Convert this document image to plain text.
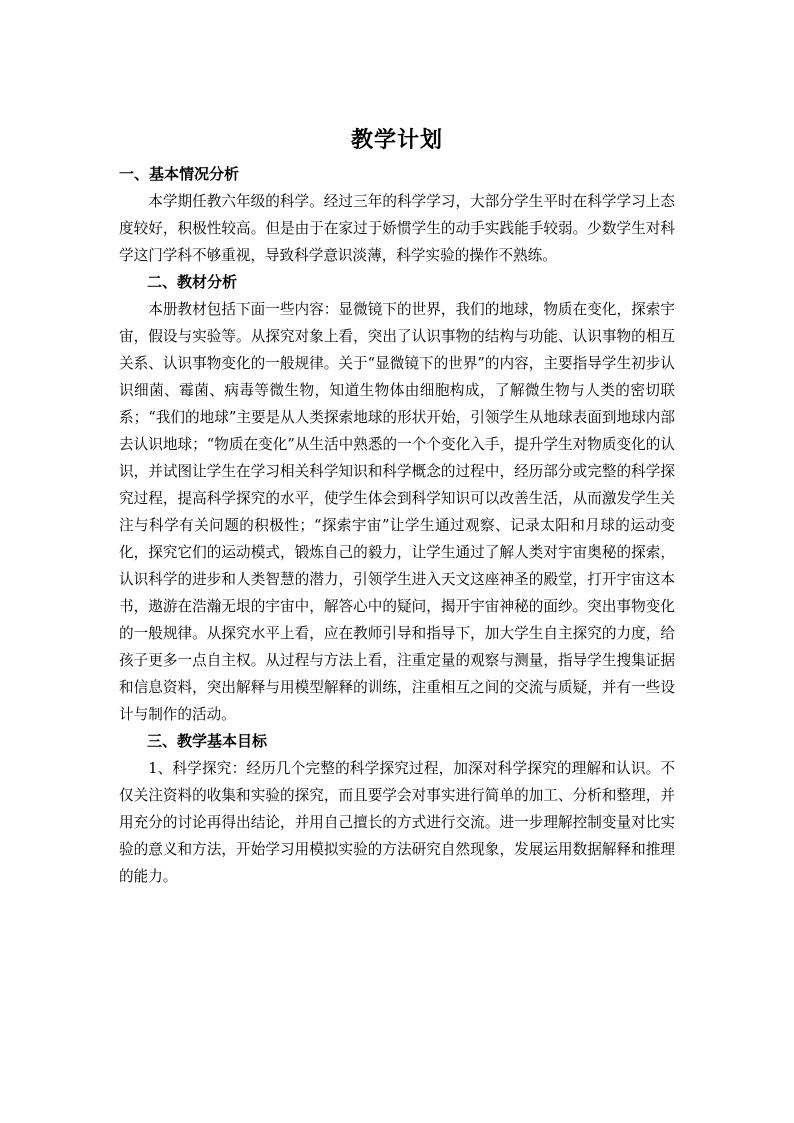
教学计划
一、基本情况分析

本学期任教六年级的科学。经过三年的科学学习，大部分学生平时在科学学习上态度较好，积极性较高。但是由于在家过于娇惯学生的动手实践能手较弱。少数学生对科学这门学科不够重视，导致科学意识淡薄，科学实验的操作不熟练。

二、教材分析

本册教材包括下面一些内容：显微镜下的世界，我们的地球，物质在变化，探索宇宙，假设与实验等。从探究对象上看，突出了认识事物的结构与功能、认识事物的相互关系、认识事物变化的一般规律。关于“显微镜下的世界”的内容，主要指导学生初步认识细菌、霉菌、病毒等微生物，知道生物体由细胞构成，了解微生物与人类的密切联系；“我们的地球”主要是从人类探索地球的形状开始，引领学生从地球表面到地球内部去认识地球；“物质在变化”从生活中熟悉的一个个变化入手，提升学生对物质变化的认识，并试图让学生在学习相关科学知识和科学概念的过程中，经历部分或完整的科学探究过程，提高科学探究的水平，使学生体会到科学知识可以改善生活，从而激发学生关注与科学有关问题的积极性；“探索宇宙”让学生通过观察、记录太阳和月球的运动变化，探究它们的运动模式，锻炼自己的毅力，让学生通过了解人类对宇宙奥秘的探索，认识科学的进步和人类智慧的潜力，引领学生进入天文这座神圣的殿堂，打开宇宙这本书，遨游在浩瀚无垠的宇宙中，解答心中的疑问，揭开宇宙神秘的面纱。突出事物变化的一般规律。从探究水平上看，应在教师引导和指导下，加大学生自主探究的力度，给孩子更多一点自主权。从过程与方法上看，注重定量的观察与测量，指导学生搜集证据和信息资料，突出解释与用模型解释的训练，注重相互之间的交流与质疑，并有一些设计与制作的活动。

三、教学基本目标

1、科学探究：经历几个完整的科学探究过程，加深对科学探究的理解和认识。不仅关注资料的收集和实验的探究，而且要学会对事实进行简单的加工、分析和整理，并用充分的讨论再得出结论，并用自己擅长的方式进行交流。进一步理解控制变量对比实验的意义和方法，开始学习用模拟实验的方法研究自然现象，发展运用数据解释和推理的能力。
